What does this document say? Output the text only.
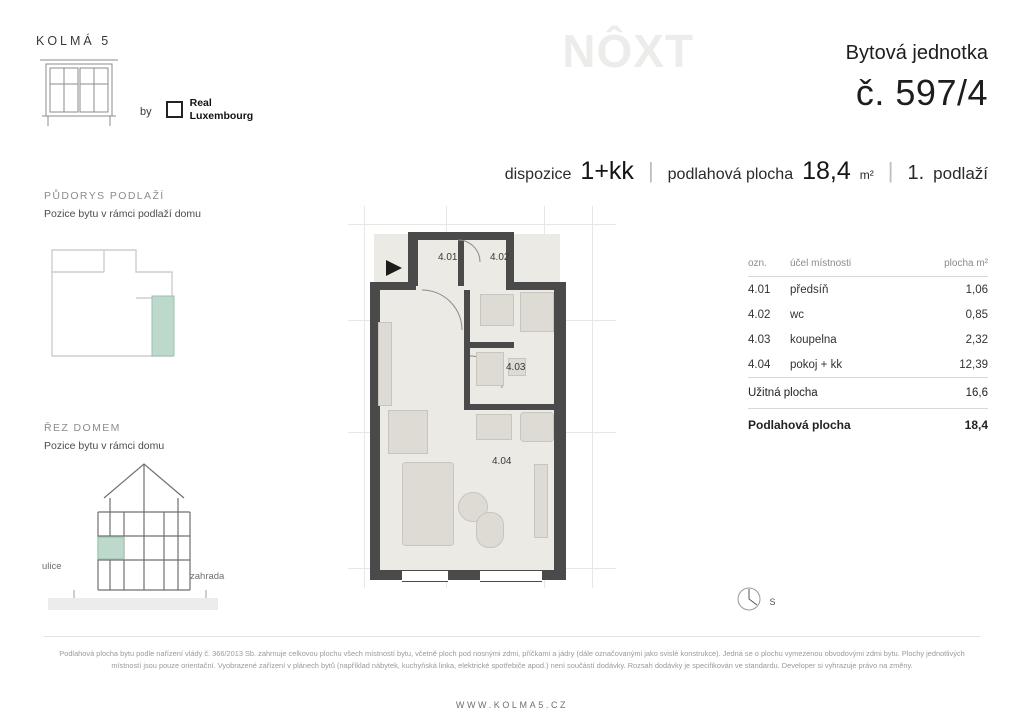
KOLMÁ 5
by
Real
Luxembourg
NÔXT	Bytová jednotka
č. 597/4
dispozice 1+kk | podlahová plocha 18,4 m² | 1. podlaží
PŮDORYS PODLAŽÍ
Pozice bytu v rámci podlaží domu
ŘEZ DOMEM
Pozice bytu v rámci domu
ulice
zahrada
4.01	4.02
4.03
4.04
S
ozn.	účel místnosti	plocha m²
4.01	předsíň	1,06
4.02	wc	0,85
4.03	koupelna	2,32
4.04	pokoj + kk	12,39
Užitná plocha	16,6
Podlahová plocha	18,4
Podlahová plocha bytu podle nařízení vlády č. 366/2013 Sb. zahrnuje celkovou plochu všech místností bytu, včetně ploch pod nosnými zdmi, příčkami a jádry (dále označovanými jako svislé konstrukce). Jedná se o plochu vymezenou obvodovými zdmi bytu. Plochy jednotlivých místností jsou pouze orientační. Vyobrazené zařízení v plánech bytů (například nábytek, kuchyňská linka, elektrické spotřebiče apod.) není součástí dodávky. Rozsah dodávky je specifikován ve standardu. Developer si vyhrazuje právo na změny.
WWW.KOLMA5.CZ
